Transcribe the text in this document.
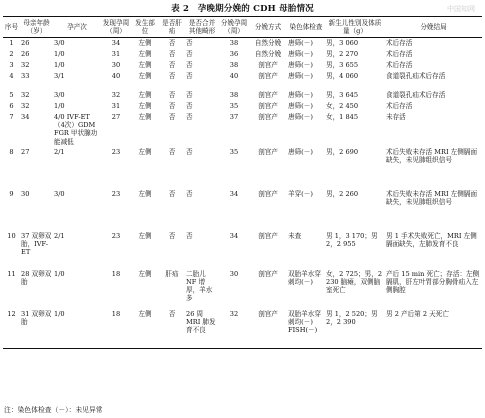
表 2　孕晚期分娩的 CDH 母胎情况	中国知网
序号	母亲年龄（岁）	孕产次	发现孕周（周）	发生部位	是否肝疝	是否合并其他畸形	分娩孕周（周）	分娩方式	染色体检查	新生儿性别及体质量（g）	分娩结局
1	26	3/0	34	左侧	否	否	38	自然分娩	唐筛(－)	男，3 060	术后存活
2	26	1/0	31	左侧	否	否	36	自然分娩	唐筛(－)	男，2 270	术后存活
3	32	1/0	30	左侧	否	否	38	剖宫产	唐筛(－)	男，3 655	术后存活
4	33	3/1	40	左侧	否	否	40	剖宫产	唐筛(－)	男，4 060	食道裂孔疝术后存活
5	32	3/0	32	左侧	否	否	38	剖宫产	唐筛(－)	男，3 645	食道裂孔疝术后存活
6	32	1/0	31	左侧	否	否	35	剖宫产	唐筛(－)	女，2 450	术后存活
7	34	4/0 IVF-ET（4次）GDM FGR 甲状腺功能减低	27	左侧	否	否	37	剖宫产	唐筛(－)	女，1 845	未存活
8	27	2/1	23	左侧	否	否	35	剖宫产	唐筛(－)	男，2 690	术后失败未存活 MRI 左侧膈面缺失，未见肺组织信号
9	30	3/0	23	左侧	否	否	34	剖宫产	羊穿(－)	男，2 260	术后失败未存活 MRI 左侧膈面缺失，未见肺组织信号
10	37 双卵双胎，IVF-ET	2/1	23	左侧	否	否	34	剖宫产	未查	男 1，3 170；男 2，2 955	男 1 手术失败死亡，MRI 左侧膈面缺失，左肺发育不良
11	28 双卵双胎	1/0	18	左侧	肝疝	二胎儿 NF 增厚，羊水多	30	剖宫产	双胎羊水穿刺均(－)	女，2 725；男，2 230 脑瘫，双侧脑室死亡	产后 15 min 死亡；存活：左侧膈肌，肝左叶胃部分胸骨疝入左侧胸腔
12	31 双卵双胎	1/0	18	左侧	否	26 周 MRI 肺发育不良	32	剖宫产	双胎羊水穿刺均(－) FISH(－)	男 1，2 520；男 2，2 390	男 2 产后第 2 天死亡
注：染色体检查（－）：未见异常
